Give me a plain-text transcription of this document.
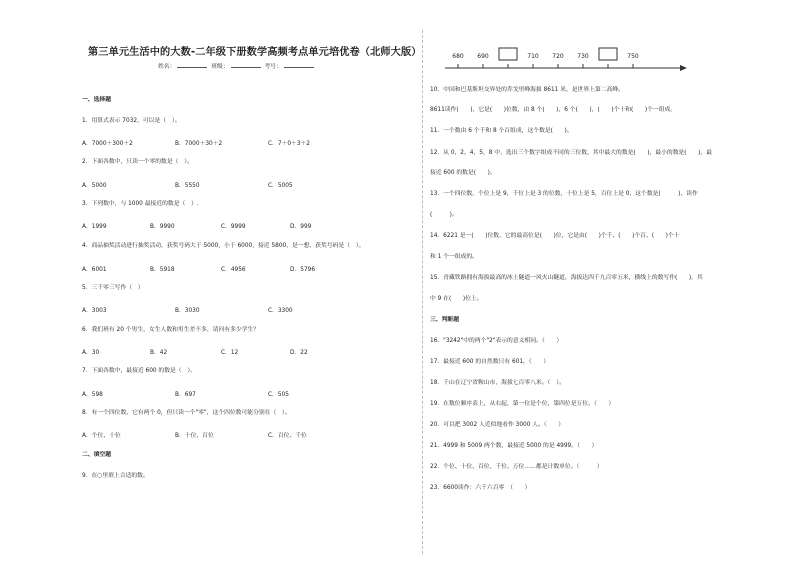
第三单元生活中的大数-二年级下册数学高频考点单元培优卷（北师大版）
姓名：	班级：	考号：
一、选择题
1．用算式表示 7032，可以是（　）。
A．7000＋300＋2	B．7000＋30＋2	C．7＋0＋3＋2
2．下面各数中，只读一个零的数是（　）。
A．5000	B．5550	C．5005
3．下列数中，与 1000 最接近的数是（　）.
A．1999	B．9990	C．9999	D．999
4．商品抽奖活动进行抽奖活动，获奖号码大于 5000，小于 6000，接近 5800，是一想，获奖号码是（　）。
A．6001	B．5918	C．4956	D．5796
5．三千零三写作（　）
A．3003	B．3030	C．3300
6．我们班有 20 个男生，女生人数和男生差不多，请问有多少学生？
A．30	B．42	C．12	D．22
7．下面各数中，最接近 600 的数是（　）。
A．598	B．697	C．505
8．有一个四位数，它有两个 0，但只读一个"零"，这个四位数可能分别在（　）。
A．个位、十位	B．十位、百位	C．百位、千位
二、填空题
9．在○里填上合适的数。
680 690	710 720 730	750
10．中国和巴基斯坦交界处的乔戈里峰海拔 8611 米，是世界上第二高峰。
8611读作(　　)，它是(　　)位数，由 8 个(　　)，6 个(　　)，(　　)个十和(　　)个一组成。
11．一个数由 6 个千和 8 个百组成，这个数是(　　)。
12．从 0，2，4，5，8 中，选出三个数字组成不同的三位数，其中最大的数是(　　)，最小的数是(　　)，最
接近 600 的数是(　　)。
13．一个四位数，个位上是 9，千位上是 3 的位数，十位上是 5，百位上是 0，这个数是(　　　)，读作
(　　　)。
14．6221 是一(　　)位数，它的最高位是(　　)位，它是由(　　)个千、(　　)个百、(　　)个十
和 1 个一组成的。
15．青藏铁路拥有海拔最高的冰土隧道一风火山隧道，海拔达四千九百零五米，横线上的数写作(　　)，其
中 9 在(　　)位上。
三、判断题
16．"3242"中的两个"2"表示的意义相同。（　　）
17．最接近 600 的自然数只有 601。（　　）
18．千山在辽宁省鞍山市，海拔七百零八米。（　）。
19．在数位顺序表上，从右起，第一位是个位，第四位是万位。（　　）
20．可以把 3002 人近似地看作 3000 人。（　　）
21．4999 和 5009 两个数，最接近 5000 的是 4999。（　　）
22．个位、十位、百位、千位、万位……都是计数单位。（　　　）
23．6600读作：六千六百零　（　　）
